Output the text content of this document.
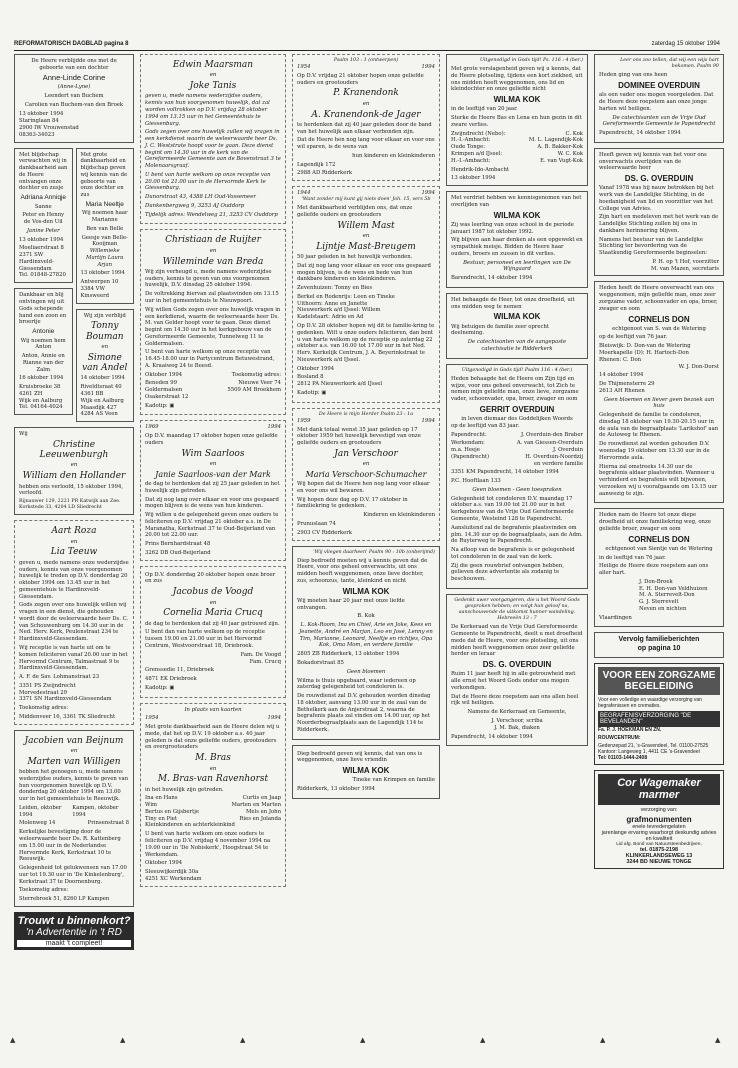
REFORMATORISCH DAGBLAD pagina 8	zaterdag 15 oktober 1994
De Heere verblijdde ons met de geboorte van een dochter
Anne-Linde Corine
(Anne-Lyne)
Leendert van Buchem
Carolien van Buchem-van den Broek
13 oktober 1994
Staringlaan 84
2900 IW Vrouwenstad
08363-34023
Met blijdschap verwachten wij in dankbaarheid aan de Heere ontvangen onze dochter en zusje
Adriana Anniqje
Sanne
Peter en Henny de Vos-den Uil
Janine Peter
13 oktober 1994
Moeliaerstraat 8
2371 SW
Hardinxveld-Giessendam
Tel. 01848-27820
Dankbaar en blij ontvingen wij uit Gods schepende hand een zoon en broertje
Antonie
Wij noemen hem Anton
Anton, Annie en Rianne van der Zalm
16 oktober 1994
Kruisbroeke 38
4261 ZH
Wijk en Aalburg
Tel. 04164-4024
Met grote dankbaarheid en blijdschap geven wij kennis van de geboorte van onze dochter en zus
Maria Neeltje
Wij noemen haar Marianne
Ben van Belle
Geesje van Belle-Kooijman
Willemieke Martijn Laura Arjan
13 oktober 1994
Antwerpen 10
3384 VW Kinsweerd
Wij zijn verblijd
Tonny Bouman
en
Simone van Andel
14 oktober 1994
Riveldtsraat 40
4361 BB
Wijk en Aalburg
Maasdijk 427
4284 AS Veen
Wij
Christine Leeuwenburgh
en
William den Hollander
hebben ons verloofd, 15 oktober 1994, verloofd.
Rijnauwer 129, 2221 PR Katwijk aan Zee. Korkstede 33, 4204 LD Sliedrecht
Aart Roza
en
Lia Teeuw
geven u, mede namens onze wederzijdse ouders, kennis van onze voorgenomen huwelijk te treden op D.V. donderdag 20 oktober 1994 om 13.45 uur in het gemeentehuis te Hardinxveld-Giessendam.
Gods zegen over ons huwelijk willen wij vragen in een dienst, die gehouden wordt door de weleerwaarde heer Ds. C. van Schouwenburg om 14.30 uur in de Ned. Herv. Kerk, Peulenstraat 234 te Hardinxveld-Giessendam.
Wij receptie is van harte uit om te komen feliciteren vanaf 20.00 uur in het Hervormd Centrum, Talmastraat 9 te Hardinxveld-Giessendam.
A. F. de Sav. Lohmanstraat 23
3351 PS Zwijndrecht
Morvedestraat 29
3371 SN Hardinxveld-Giessendam
Toekomstig adres:
Middenveer 16, 3361 TK Sliedrecht
Jacobien van Beijnum
en
Marten van Willigen
hebben het genoegen u, mede namens wederzijdse ouders, kennis te geven van hun voorgenomen huwelijk op D.V. donderdag 20 oktober 1994 om 13.00 uur in het gemeentehuis te Reeuwijk.
Leiden, oktober 1994
Kampen, oktober 1994
Molenweg 14	Prinsenstraat 8
Kerkelijke bevestiging door de weleerwaarde heer Ds. R. Kattenberg om 15.00 uur in de Nederlandse Hervormde Kerk, Kerkstraat 10 te Reeuwijk.
Gelegenheid tot gelukwensen van 17.00 uur tot 19.30 uur in 'De Kinkelenburg', Kerkstraat 37 te Doornenburg.
Toekomstig adres:
Sterrebroek 51, 8260 LP Kampen
Trouwt u binnenkort?
'n Advertentie in 't RD
maakt 't compleet!
Edwin Maarsman
en
Joke Tanis
geven u, mede namens wederzijdse ouders, kennis van hun voorgenomen huwelijk, dat zal worden voltrokken op D.V. vrijdag 28 oktober 1994 om 13.15 uur in het Gemeentehuis te Giessenburg.
Gods zegen over ons huwelijk zullen wij vragen in een kerkdienst waarin de weleerwaarde heer Ds. J. C. Weststrate hoopt voor te gaan. Deze dienst begint om 14.30 uur in de kerk van de Gereformeerde Gemeente aan de Bovenstraat 3 te Molenaarsgraaf.
U bent van harte welkom op onze receptie van 20.00 tot 21.00 uur in de Hervormde Kerk te Giessenburg.
Dunorstraat 43, 4388 LH Oud-Vossemeer
Dunkenbergweg 9, 3253 AJ Ouddorp
Tijdelijk adres: Wendelweg 21, 3253 CV Ouddorp
Christiaan de Ruijter
en
Willeminde van Breda
Wij zijn verheugd u, mede namens wederzijdse ouders, kennis te geven van ons voorgenomen huwelijk, D.V. dinsdag 25 oktober 1994.
De voltrekking hiervan zal plaatsvinden om 13.15 uur in het gemeentehuis te Nieuwpoort.
Wij willen Gods zegen over ons huwelijk vragen in een kerkdienst, waarin de weleerwaarde heer Ds. M. van Gelder hoopt voor te gaan. Deze dienst begint om 14.30 uur in het kerkgebouw van de Gereformeerde Gemeente, Tunnelweg 11 te Goldermalsen.
U bent van harte welkom op onze receptie van 16.45-18.00 uur in Partycentrum Betuwestrand, A. Kraaiweg 24 te Beesd.
Oktober 1994	Toekomstig adres:
Beneden 99	Nieuwe Veer 74
Goldermalsen	5509 AM Broekhem
Osakerstraat 12
Kadotip: ▣
1969	1994
Op D.V. maandag 17 oktober hopen onze geliefde ouders
Wim Saarloos
en
Janie Saarloos-van der Mark
de dag te herdenken dat zij 25 jaar geleden in het huwelijk zijn getreden.
Dat zij nog lang over elkaar en voor ons gespaard mogen blijven is de wens van hun kinderen.
Wij willen u de gelegenheid geven onze ouders te feliciteren op D.V. vrijdag 21 oktober a.s. in De Maranatha, Kerkstraat 37 te Oud-Beijerland van 20.00 tot 22.00 uur.
Prins Bernhardstraat 48
3262 DB Oud-Beijerland
Op D.V. donderdag 20 oktober hopen onze broer en zus
Jacobus de Voogd
en
Cornelia Maria Crucq
de dag te herdenken dat zij 40 jaar getrouwd zijn.
U bent dan van harte welkom op de receptie tussen 19.00 en 21.00 uur in het Hervormd Centrum, Westvoorstraat 18, Driebroek.
Fam. De Voogd
Fam. Crucq
Grenssedie 11, Driebroek
4871 EK Driebroek
Kadotip: ▣
In plaats van kaarten
1954	1994
Met grote dankbaarheid aan de Heere delen wij u mede, dat het op D.V. 19 oktober a.s. 40 jaar geleden is dat onze geliefde ouders, grootouders en overgrootouders
M. Bras
en
M. Bras-van Ravenhorst
in het huwelijk zijn getreden.
Ina en Hans	Curtis en Jaap
Wim	Marten en Marten
Bertus en Gijsbertje	Mels en John
Tiny en Piet	Ries en Jolanda
Kleinkinderen en achterkleinkind
U bent van harte welkom om onze ouders te feliciteren op D.V. vrijdag 4 november 1994 na 19.00 uur in 'De Nobiskerk', Hoogstraat 54 te Werkendam.
Oktober 1994
Sleeuwijkerdijk 30a
4251 XC Werkendam
Psalm 103 : 1 (ontwerpen)
1954	1994
Op D.V. vrijdag 21 oktober hopen onze geliefde ouders en grootouders
P. Kranendonk
en
A. Kranendonk-de Jager
te herdenken dat zij 40 jaar geleden door de band van het huwelijk aan elkaar verbonden zijn.
Dat de Heere hen nog lang voor elkaar en voor ons wil sparen, is de wens van
hun kinderen en kleinkinderen
Lagendijk 172
2988 AD Ridderkerk
1944	1994
'Want zonder mij kunt gij niets doen' Joh. 15, vers 5b
Met dankbaarheid verblijden ons, dat onze geliefde ouders en grootouders
Willem Mast
en
Lijntje Mast-Breugem
50 jaar geleden in het huwelijk verbonden.
Dat zij nog lang voor elkaar en voor ons gespaard mogen blijven, is de wens en bede van hun dankbare kinderen en kleinkinderen.
Zevenhuizen: Tonny en Bies
Berkel en Rodenrijs: Leen en Tineke
Uithoorn: Anne en Janette
Nieuwerkerk a/d IJssel: Willem
Kadelstaart: Adrie en Ad
Op D.V. 28 oktober hopen wij dit te familie-kring te gedenken. Wilt u onze ouders feliciteren, dan bent u van harte welkom op de receptie op zaterdag 22 oktober a.s. van 16.00 tot 17.00 uur in het Ned. Herv. Kerkelijk Centrum, J. A. Beyerinkstraat te Nieuwerkerk a/d IJssel.
Oktober 1994
Bosland 8
2812 PA Nieuwerkerk a/d IJssel
Kadotip: ▣
De Heere is mijn Herder Psalm 23 : 1a
1959	1994
Met dank totaal wenst 35 jaar geleden op 17 oktober 1959 het huwelijk bevestigd van onze geliefde ouders en grootouders
Jan Verschoor
en
Maria Verschoor-Schumacher
Wij hopen dat de Heere hen nog lang voor elkaar en voor ons wil bewaren.
Wij hopen deze dag op D.V. 17 oktober in familiekring te gedenken.
Kinderen en kleinkinderen
Prunuslaan 74
2903 CV Ridderkerk
'Wij vliegen daarheen' Psalm 90 : 10b (onberijmd)
Diep bedroefd moeten wij u kennis geven dat de Heere, voor ons geheel onverwachts, uit ons midden heeft weggenomen, onze lieve dochter, zus, schoonzus, tante, kleinkind en nicht
WILMA KOK
Wij moeten haar 20 jaar met onze liefde ontvangen.
B. Kok
L. Kok-Room, Ina en Chiel, Arie en Joke, Kees en Jeanette, André en Marjan, Leo en José, Lenny en Tim, Marianne, Leonard, Neeltje en richtjes, Opa Kok, Oma Mom, en verdere familie
2805 ZB Ridderkerk, 13 oktober 1994
Bokadorstraat 85
Geen bloemen
Wilma is thuis opgebaard, waar iedereen op zaterdag gelegenheid tot condoleren is.
De rouwdienst zal D.V. gehouden worden dinsdag 18 oktober, aanvang 13.00 uur in de zaal van de Bethelkerk aan de Anjerstraat 2, waarna de begrafenis plaats zal vinden om 14.00 uur, op het Noorderbegraafplaats aan de Lagendijk 114 te Ridderkerk.
Diep bedroefd geven wij kennis, dat van ons is weggenomen, onze lieve vriendin
WILMA KOK
Tineke van Krimpen en familie
Ridderkerk, 13 oktober 1994
Uitgenodigd in Gods tijd! Ps. 116 : 4 (ber.)
Met grote verslagenheid geven wij u kennis, dat de Heere plotseling, tijdens een kort ziekbed, uit ons midden heeft weggenomen, ons lid en kleindochter en onze geliefde nicht
WILMA KOK
in de leeftijd van 20 jaar.
Sterke de Heere Bas en Lena en hun gezin in dit zware verlies.
Zwijndrecht (Nebo):	C. Kok
H.-I.-Ambacht:	M. L. Lagendijk-Kok
Oude Tonge:	A. B. Bakker-Kok
Krimpen a/d IJssel:	W. C. Kok
H.-I.-Ambacht:	E. van Vugt-Kok
Hendrik-Ido-Ambacht
13 oktober 1994
Met verdriet hebben we kennisgenomen van het overlijden van
WILMA KOK
Zij was leerling van onze school in de periode januari 1987 tot oktober 1992.
Wij blijven aan haar denken als een opgewekt en sympathiek meisje. Bidden de Heere haar ouders, broers en zussen in dit verlies.
Bestuur, personeel en leerlingen van De Wijngaard
Barendrecht, 14 oktober 1994
Het behaagde de Heer, tot onze droefheid, uit ons midden weg te nemen
WILMA KOK
Wij betuigen de familie zeer oprecht deelneming.
De catechisanten van de aangepaste catechisatie te Ridderkerk
Uitgenodigd in Gods tijd! Psalm 116 : 4 (ber.)
Heden behaagde het de Heere om Zijn tijd en wijze, voor ons geheel onverwacht, tot Zich te nemen mijn geliefde man, onze lieve, zorgzame vader, schoonvader, opa, broer, zwager en oom
GERRIT OVERDUIN
in leven diemaar des Goddelijken Woords
op de leeftijd van 83 jaar.
Papendrecht:	J. Overduin-den Braber
Werkendam:	A. van Giessen-Overduin
m.a. Heeje	J. Overduin
(Papendrecht)	H. Overduin-Noordzij
en verdere familie
3351 KM Papendrecht, 14 oktober 1994
P.C. Hooftlaan 133
Geen bloemen - Geen toespraken
Gelegenheid tot condoleren D.V. maandag 17 oktober a.s. van 19.00 tot 21.00 uur in het kerkgebouw van de Vrije Oud Gereformeerde Gemeente, Westeind 128 te Papendrecht.
Aansluitend zal de begrafenis plaatsvinden om plm. 14.30 uur op de begraafplaats, aan de Adm. de Ruyterweg te Papendrecht.
Na afloop van de begrafenis is er gelegenheid tot condoleren in de zaal van de kerk.
Zij die geen rouwbrief ontvangen hebben, gelieven deze advertentie als zodanig te beschouwen.
Gedenkt uwer voorgangeren, die u het Woord Gods gesproken hebben; en volgt hun geloof na, aanschouwende de uitkomst hunner wandeling. Hebreeën 13 : 7
De Kerkeraad van de Vrije Oud Gereformeerde Gemeente te Papendrecht, deelt u met droefheid mede dat de Heere, voor ons plotseling, uit ons midden heeft weggenomen onze zeer geliefde herder en leraar
DS. G. OVERDUIN
Ruim 11 jaar heeft hij in alle getrouwheid met alle ernst het Woord Gods onder ons mogen verkondigen.
Dat de Heere deze roepstem aan ons allen heel rijk wil heiligen.
Namens de Kerkeraad en Gemeente,
J. Verschoor, scriba
J. M. Bak, diaken
Papendrecht, 14 oktober 1994
Leer ons zoo tellen, dat wij een wijs hart bekomen. Psalm 90
Heden ging van ons heen
DOMINEE OVERDUIN
als een vader ons mogen voorgeleden. Dat de Heere deze roepstem aan onze jonge harten wil heiligen.
De catechisanten van de Vrije Oud Gereformeerde Gemeente te Papendrecht
Papendrecht, 14 oktober 1994
Heeft geven wij kennis van het voor ons onverwachts overlijden van de weleerwaarde heer
DS. G. OVERDUIN
Vanaf 1978 was hij nauw betrokken bij het werk van de Landelijke Stichting, in de hoedanigheid van lid en voorzitter van het College van Advies.
Zijn hart en medeleven met het werk van de Landelijke Stichting zullen bij ons in dankbare herinnering blijven.
Namens het bestuur van de Landelijke Stichting ter bevordering van de Staatkundig Gereformeerde beginselen:
P. H. op 't Hof, voorzitter
M. van Mazen, secretaris
Heden heeft de Heere onverwacht van ons weggenomen, mijn geliefde man, onze zeer zorgzame vader, schoonvader en opa, broer, zwager en oom
CORNELIS DON
echtgenoot van S. van de Wetering
op de leeftijd van 76 jaar.
Bleiswijk: D. Don-van de Wetering
Moerkapelle (D): H. Hartoch-Don
Rhenen: C. Don
W. J. Don-Dorst
14 oktober 1994
De Thijmensterre 29
2613 AH Rhenen
Geen bloemen en liever geen bezoek aan huis
Gelegenheid de familie te condoleren, dinsdag 18 oktober van 19.30-20.15 uur in de aula van de begraafplaats 'Larikshof' aan de Autoweg te Rhenen.
De rouwdienst zal worden gehouden D.V. woensdag 19 oktober om 13.30 uur in de Hervormde aula.
Hierna zal omstreeks 14.30 uur de begrafenis aldaar plaatsvinden. Wanneer u verhinderd en begrafenis wilt bijwonen, verzoeken wij u voorafgaande om 13.15 uur aanwezig te zijn.
Heden nam de Heere tot onze diepe droefheid uit onze familiekring weg, onze geliefde broer, zwager en oom
CORNELIS DON
echtgenoot van Sientje van de Wetering
in de leeftijd van 76 jaar.
Heilige de Heere deze roepstem aan ons aller hart.
J. Don-Broek
E. H. Don-van Veldhuizen
M. A. Sterrevelt-Don
G. J. Sterrevelt
Neven en nichten
Vlaardingen
Vervolg familieberichten
op pagina 10
VOOR EEN ZORGZAME BEGELEIDING
Voor een volledige en waardige verzorging van begrafenissen en crematies.
BEGRAFENISVERZORGING "DE BEVELANDEN"
Fa. P. J. HOEKMAN EN ZN.
ROUWCENTRUM:
Gedenzepad 21, 's-Gravendeel, Tel. 01100-27525
Kantoor: Langeweg 1, 4411 CE 's-Gravendeel
Tel: 01103-1444-2408
Cor Wagemaker marmer
verzorging van:
grafmonumenten
enele tevredengelaten
jarenlange ervaring waarborgt deskundig advies en kwaliteit
Lid afg. Bond van Natuursteenbedrijven,
tel. 01875-2198
KLINKERLANDSEWEG 13
3244 BD NIEUWE TONGE
▲	▲	▲	▲	▲	▲	▲
